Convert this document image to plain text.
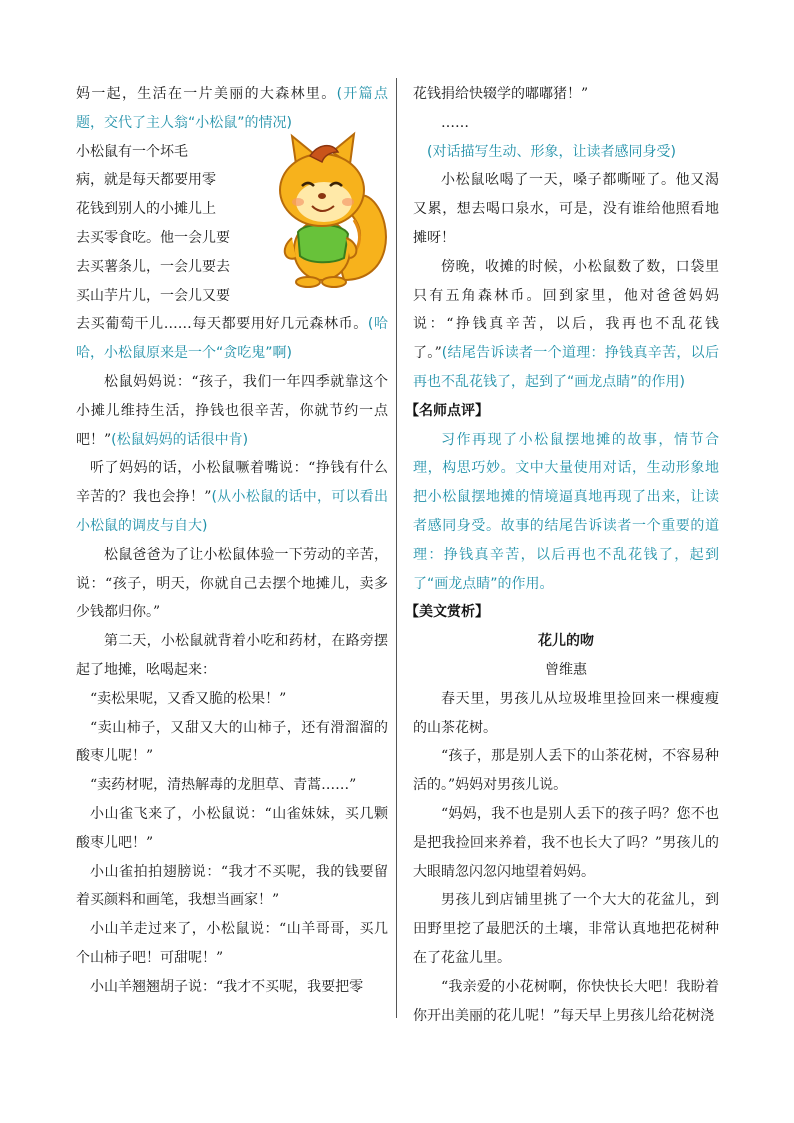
妈一起，生活在一片美丽的大森林里。(开篇点题，交代了主人翁“小松鼠”的情况)

小松鼠有一个坏毛

病，就是每天都要用零

花钱到别人的小摊儿上

去买零食吃。他一会儿要

去买薯条儿，一会儿要去

买山芋片儿，一会儿又要

去买葡萄干儿……每天都要用好几元森林币。(哈哈，小松鼠原来是一个“贪吃鬼”啊)

松鼠妈妈说：“孩子，我们一年四季就靠这个小摊儿维持生活，挣钱也很辛苦，你就节约一点吧！”(松鼠妈妈的话很中肯)

听了妈妈的话，小松鼠噘着嘴说：“挣钱有什么辛苦的？我也会挣！”(从小松鼠的话中，可以看出小松鼠的调皮与自大)

松鼠爸爸为了让小松鼠体验一下劳动的辛苦，说：“孩子，明天，你就自己去摆个地摊儿，卖多少钱都归你。”

第二天，小松鼠就背着小吃和药材，在路旁摆起了地摊，吆喝起来：

“卖松果呢，又香又脆的松果！”

“卖山柿子，又甜又大的山柿子，还有滑溜溜的酸枣儿呢！”

“卖药材呢，清热解毒的龙胆草、青蒿……”

小山雀飞来了，小松鼠说：“山雀妹妹，买几颗酸枣儿吧！”

小山雀拍拍翅膀说：“我才不买呢，我的钱要留着买颜料和画笔，我想当画家！”

小山羊走过来了，小松鼠说：“山羊哥哥，买几个山柿子吧！可甜呢！”

小山羊翘翘胡子说：“我才不买呢，我要把零

花钱捐给快辍学的嘟嘟猪！”

……

(对话描写生动、形象，让读者感同身受)

小松鼠吆喝了一天，嗓子都嘶哑了。他又渴又累，想去喝口泉水，可是，没有谁给他照看地摊呀！

傍晚，收摊的时候，小松鼠数了数，口袋里只有五角森林币。回到家里，他对爸爸妈妈说：“挣钱真辛苦，以后，我再也不乱花钱了。”(结尾告诉读者一个道理：挣钱真辛苦，以后再也不乱花钱了，起到了“画龙点睛”的作用)

【名师点评】

习作再现了小松鼠摆地摊的故事，情节合理，构思巧妙。文中大量使用对话，生动形象地把小松鼠摆地摊的情境逼真地再现了出来，让读者感同身受。故事的结尾告诉读者一个重要的道理：挣钱真辛苦，以后再也不乱花钱了，起到了“画龙点睛”的作用。

【美文赏析】

花儿的吻

曾维惠

春天里，男孩儿从垃圾堆里捡回来一棵瘦瘦的山茶花树。

“孩子，那是别人丢下的山茶花树，不容易种活的。”妈妈对男孩儿说。

“妈妈，我不也是别人丢下的孩子吗？您不也是把我捡回来养着，我不也长大了吗？”男孩儿的大眼睛忽闪忽闪地望着妈妈。

男孩儿到店铺里挑了一个大大的花盆儿，到田野里挖了最肥沃的土壤，非常认真地把花树种在了花盆儿里。

“我亲爱的小花树啊，你快快长大吧！我盼着你开出美丽的花儿呢！”每天早上男孩儿给花树浇
